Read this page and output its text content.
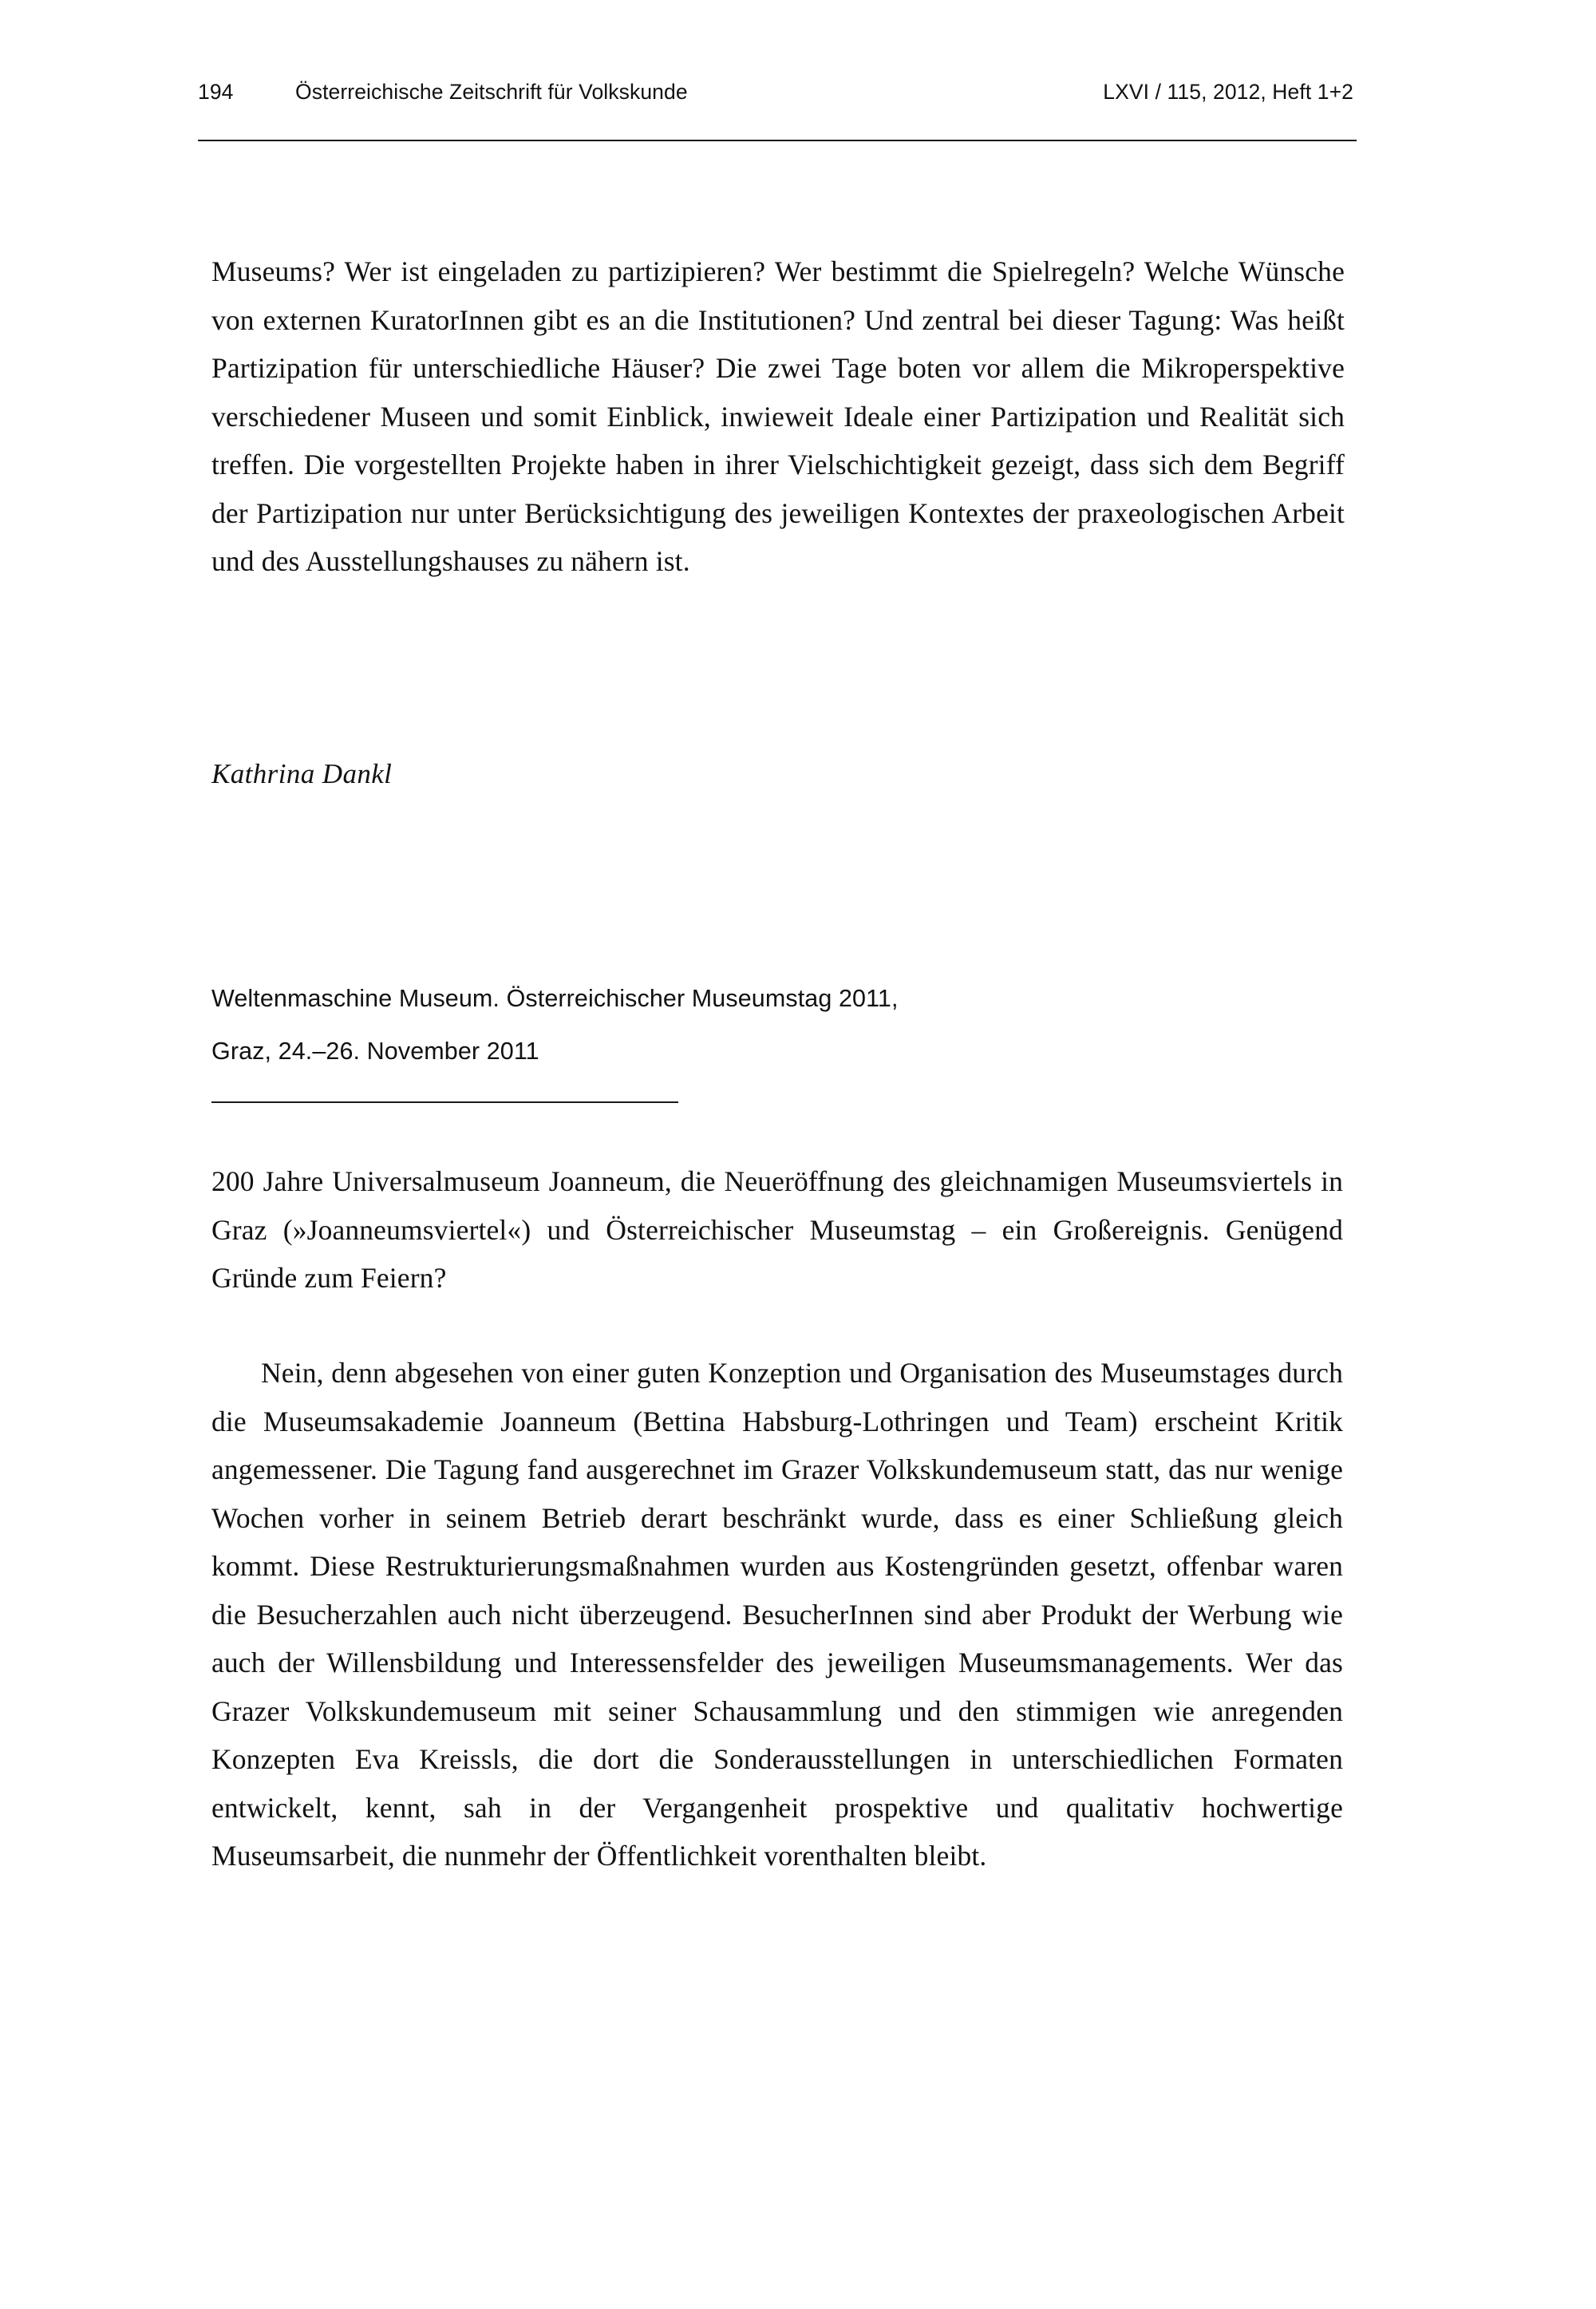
194	Österreichische Zeitschrift für Volkskunde	LXVI / 115, 2012, Heft 1+2
Museums? Wer ist eingeladen zu partizipieren? Wer bestimmt die Spielregeln? Welche Wünsche von externen KuratorInnen gibt es an die Institutionen? Und zentral bei dieser Tagung: Was heißt Partizipation für unterschiedliche Häuser? Die zwei Tage boten vor allem die Mikroperspektive verschiedener Museen und somit Einblick, inwieweit Ideale einer Partizipation und Realität sich treffen. Die vorgestellten Projekte haben in ihrer Vielschichtigkeit gezeigt, dass sich dem Begriff der Partizipation nur unter Berücksichtigung des jeweiligen Kontextes der praxeologischen Arbeit und des Ausstellungshauses zu nähern ist.
Kathrina Dankl
Weltenmaschine Museum. Österreichischer Museumstag 2011,
Graz, 24.–26. November 2011
200 Jahre Universalmuseum Joanneum, die Neueröffnung des gleichnamigen Museumsviertels in Graz (»Joanneumsviertel«) und Österreichischer Museumstag – ein Großereignis. Genügend Gründe zum Feiern?
Nein, denn abgesehen von einer guten Konzeption und Organisation des Museumstages durch die Museumsakademie Joanneum (Bettina Habsburg-Lothringen und Team) erscheint Kritik angemessener. Die Tagung fand ausgerechnet im Grazer Volkskundemuseum statt, das nur wenige Wochen vorher in seinem Betrieb derart beschränkt wurde, dass es einer Schließung gleich kommt. Diese Restrukturierungsmaßnahmen wurden aus Kostengründen gesetzt, offenbar waren die Besucherzahlen auch nicht überzeugend. BesucherInnen sind aber Produkt der Werbung wie auch der Willensbildung und Interessensfelder des jeweiligen Museumsmanagements. Wer das Grazer Volkskundemuseum mit seiner Schausammlung und den stimmigen wie anregenden Konzepten Eva Kreissls, die dort die Sonderausstellungen in unterschiedlichen Formaten entwickelt, kennt, sah in der Vergangenheit prospektive und qualitativ hochwertige Museumsarbeit, die nunmehr der Öffentlichkeit vorenthalten bleibt.
